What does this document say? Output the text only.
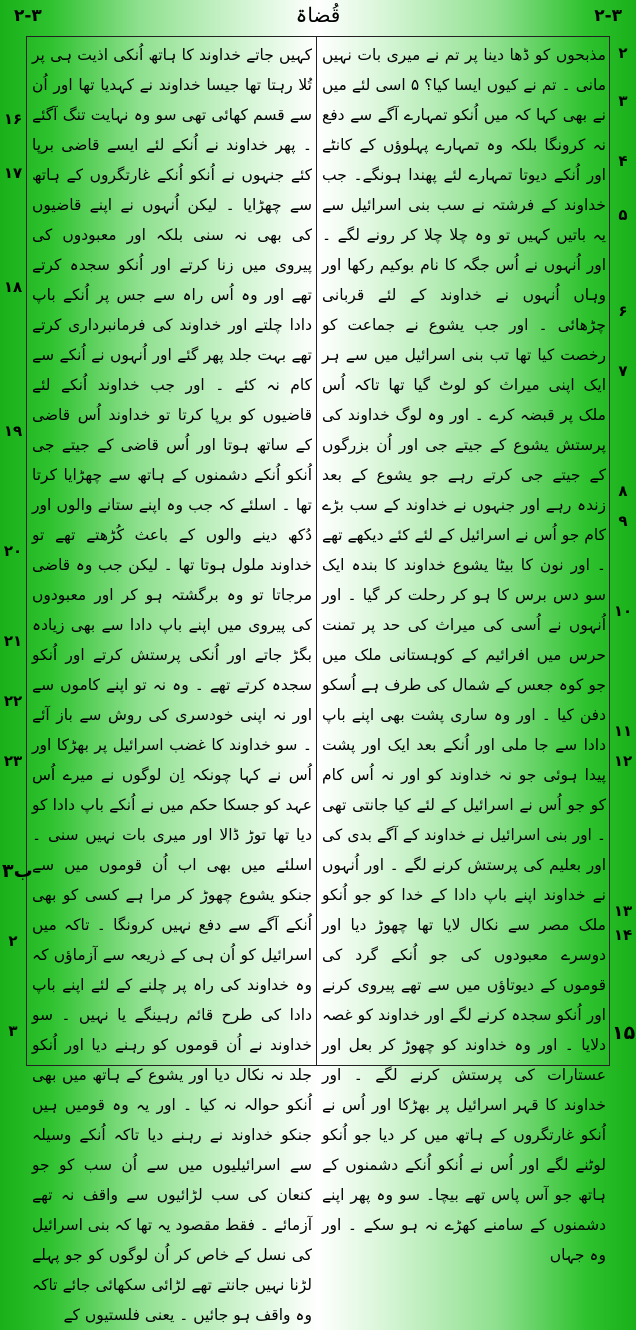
۲-۳	قُضاۃ	۲-۳
مذبحوں کو ڈھا دینا پر تم نے میری بات نہیں مانی ۔ تم نے کیوں ایسا کیا؟ ۵ اسی لئے میں نے بھی کہا کہ میں اُنکو تمہارے آگے سے دفع نہ کرونگا بلکہ وہ تمہارے پہلوؤں کے کانٹے اور اُنکے دیوتا تمہارے لئے پھندا ہونگے۔ جب خداوند کے فرشتہ نے سب بنی اسرائیل سے یہ باتیں کہیں تو وہ چلا چلا کر رونے لگے ۔ اور اُنہوں نے اُس جگہ کا نام بوکیم رکھا اور وہاں اُنہوں نے خداوند کے لئے قربانی چڑھائی ۔ اور جب یشوع نے جماعت کو رخصت کیا تھا تب بنی اسرائیل میں سے ہر ایک اپنی میراث کو لوٹ گیا تھا تاکہ اُس ملک پر قبضہ کرے ۔ اور وہ لوگ خداوند کی پرستش یشوع کے جیتے جی اور اُن بزرگوں کے جیتے جی کرتے رہے جو یشوع کے بعد زندہ رہے اور جنہوں نے خداوند کے سب بڑے کام جو اُس نے اسرائیل کے لئے کئے دیکھے تھے ۔ اور نون کا بیٹا یشوع خداوند کا بندہ ایک سو دس برس کا ہو کر رحلت کر گیا ۔ اور اُنہوں نے اُسی کی میراث کی حد پر تمنت حرس میں افرائیم کے کوہستانی ملک میں جو کوہ جعس کے شمال کی طرف ہے اُسکو دفن کیا ۔ اور وہ ساری پشت بھی اپنے باپ دادا سے جا ملی اور اُنکے بعد ایک اور پشت پیدا ہوئی جو نہ خداوند کو اور نہ اُس کام کو جو اُس نے اسرائیل کے لئے کیا جانتی تھی ۔ اور بنی اسرائیل نے خداوند کے آگے بدی کی اور بعلیم کی پرستش کرنے لگے ۔ اور اُنہوں نے خداوند اپنے باپ دادا کے خدا کو جو اُنکو ملک مصر سے نکال لایا تھا چھوڑ دیا اور دوسرے معبودوں کی جو اُنکے گرد کی قوموں کے دیوتاؤں میں سے تھے پیروی کرنے اور اُنکو سجدہ کرنے لگے اور خداوند کو غصہ دلایا ۔ اور وہ خداوند کو چھوڑ کر بعل اور عستارات کی پرستش کرنے لگے ۔ اور خداوند کا قہر اسرائیل پر بھڑکا اور اُس نے اُنکو غارتگروں کے ہاتھ میں کر دیا جو اُنکو لوٹنے لگے اور اُس نے اُنکو اُنکے دشمنوں کے ہاتھ جو آس پاس تھے بیچا۔ سو وہ پھر اپنے دشمنوں کے سامنے کھڑے نہ ہو سکے ۔ اور وہ جہاں
کہیں جاتے خداوند کا ہاتھ اُنکی اذیت ہی پر تُلا رہتا تھا جیسا خداوند نے کہدیا تھا اور اُن سے قسم کھائی تھی سو وہ نہایت تنگ آگئے ۔ پھر خداوند نے اُنکے لئے ایسے قاضی برپا کئے جنہوں نے اُنکو اُنکے غارتگروں کے ہاتھ سے چھڑایا ۔ لیکن اُنہوں نے اپنے قاضیوں کی بھی نہ سنی بلکہ اور معبودوں کی پیروی میں زنا کرتے اور اُنکو سجدہ کرتے تھے اور وہ اُس راہ سے جس پر اُنکے باپ دادا چلتے اور خداوند کی فرمانبرداری کرتے تھے بہت جلد پھر گئے اور اُنہوں نے اُنکے سے کام نہ کئے ۔ اور جب خداوند اُنکے لئے قاضیوں کو برپا کرتا تو خداوند اُس قاضی کے ساتھ ہوتا اور اُس قاضی کے جیتے جی اُنکو اُنکے دشمنوں کے ہاتھ سے چھڑایا کرتا تھا ۔ اسلئے کہ جب وہ اپنے ستانے والوں اور دُکھ دینے والوں کے باعث کُڑھتے تھے تو خداوند ملول ہوتا تھا ۔ لیکن جب وہ قاضی مرجاتا تو وہ برگشتہ ہو کر اور معبودوں کی پیروی میں اپنے باپ دادا سے بھی زیادہ بگڑ جاتے اور اُنکی پرستش کرتے اور اُنکو سجدہ کرتے تھے ۔ وہ نہ تو اپنے کاموں سے اور نہ اپنی خودسری کی روش سے باز آئے ۔ سو خداوند کا غضب اسرائیل پر بھڑکا اور اُس نے کہا چونکہ اِن لوگوں نے میرے اُس عہد کو جسکا حکم میں نے اُنکے باپ دادا کو دیا تھا توڑ ڈالا اور میری بات نہیں سنی ۔ اسلئے میں بھی اب اُن قوموں میں سے جنکو یشوع چھوڑ کر مرا ہے کسی کو بھی اُنکے آگے سے دفع نہیں کرونگا ۔ تاکہ میں اسرائیل کو اُن ہی کے ذریعہ سے آزماؤں کہ وہ خداوند کی راہ پر چلنے کے لئے اپنے باپ دادا کی طرح قائم رہینگے یا نہیں ۔ سو خداوند نے اُن قوموں کو رہنے دیا اور اُنکو جلد نہ نکال دیا اور یشوع کے ہاتھ میں بھی اُنکو حوالہ نہ کیا ۔ اور یہ وہ قومیں ہیں جنکو خداوند نے رہنے دیا تاکہ اُنکے وسیلہ سے اسرائیلیوں میں سے اُن سب کو جو کنعان کی سب لڑائیوں سے واقف نہ تھے آزمائے ۔ فقط مقصود یہ تھا کہ بنی اسرائیل کی نسل کے خاص کر اُن لوگوں کو جو پہلے لڑنا نہیں جانتے تھے لڑائی سکھائی جائے تاکہ وہ واقف ہو جائیں ۔ یعنی فلستیوں کے
۲
۳
۴
۵
۶
۷
۸
۹
۱۰
۱۱
۱۲
۱۳
۱۴
۱۵
۱۶
۱۷
۱۸
۱۹
۲۰
۲۱
۲۲
۲۳
۳ب
۲
۳
